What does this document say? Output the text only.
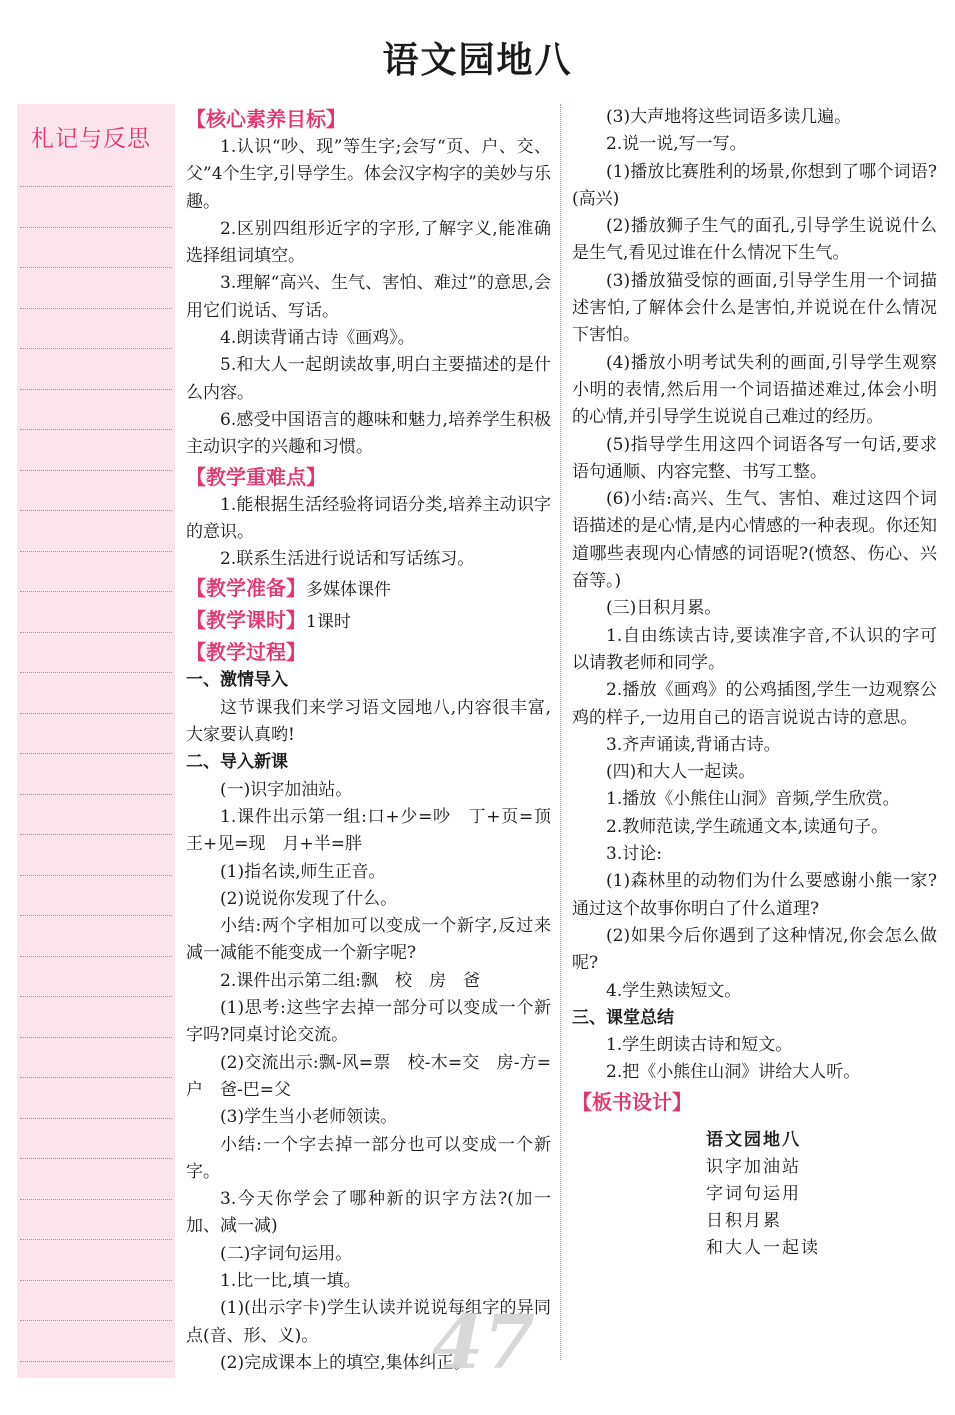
语文园地八
札记与反思
【核心素养目标】

1.认识“吵、现”等生字;会写“页、户、交、父”4个生字,引导学生。体会汉字构字的美妙与乐趣。

2.区别四组形近字的字形,了解字义,能准确选择组词填空。

3.理解“高兴、生气、害怕、难过”的意思,会用它们说话、写话。

4.朗读背诵古诗《画鸡》。

5.和大人一起朗读故事,明白主要描述的是什么内容。

6.感受中国语言的趣味和魅力,培养学生积极主动识字的兴趣和习惯。

【教学重难点】

1.能根据生活经验将词语分类,培养主动识字的意识。

2.联系生活进行说话和写话练习。

【教学准备】多媒体课件
【教学课时】1课时
【教学过程】

一、激情导入

这节课我们来学习语文园地八,内容很丰富,大家要认真哟!

二、导入新课

(一)识字加油站。

1.课件出示第一组:口+少=吵　丁+页=顶　王+见=现　月+半=胖

(1)指名读,师生正音。

(2)说说你发现了什么。

小结:两个字相加可以变成一个新字,反过来减一减能不能变成一个新字呢?

2.课件出示第二组:飘　校　房　爸

(1)思考:这些字去掉一部分可以变成一个新字吗?同桌讨论交流。

(2)交流出示:飘-风=票　校-木=交　房-方=户　爸-巴=父

(3)学生当小老师领读。

小结:一个字去掉一部分也可以变成一个新字。

3.今天你学会了哪种新的识字方法?(加一加、减一减)

(二)字词句运用。

1.比一比,填一填。

(1)(出示字卡)学生认读并说说每组字的异同点(音、形、义)。

(2)完成课本上的填空,集体纠正。

(3)大声地将这些词语多读几遍。

2.说一说,写一写。

(1)播放比赛胜利的场景,你想到了哪个词语?(高兴)

(2)播放狮子生气的面孔,引导学生说说什么是生气,看见过谁在什么情况下生气。

(3)播放猫受惊的画面,引导学生用一个词描述害怕,了解体会什么是害怕,并说说在什么情况下害怕。

(4)播放小明考试失利的画面,引导学生观察小明的表情,然后用一个词语描述难过,体会小明的心情,并引导学生说说自己难过的经历。

(5)指导学生用这四个词语各写一句话,要求语句通顺、内容完整、书写工整。

(6)小结:高兴、生气、害怕、难过这四个词语描述的是心情,是内心情感的一种表现。你还知道哪些表现内心情感的词语呢?(愤怒、伤心、兴奋等。)

(三)日积月累。

1.自由练读古诗,要读准字音,不认识的字可以请教老师和同学。

2.播放《画鸡》的公鸡插图,学生一边观察公鸡的样子,一边用自己的语言说说古诗的意思。

3.齐声诵读,背诵古诗。

(四)和大人一起读。

1.播放《小熊住山洞》音频,学生欣赏。

2.教师范读,学生疏通文本,读通句子。

3.讨论:

(1)森林里的动物们为什么要感谢小熊一家?通过这个故事你明白了什么道理?

(2)如果今后你遇到了这种情况,你会怎么做呢?

4.学生熟读短文。

三、课堂总结

1.学生朗读古诗和短文。

2.把《小熊住山洞》讲给大人听。

【板书设计】
语文园地八
识字加油站
字词句运用
日积月累
和大人一起读
47
